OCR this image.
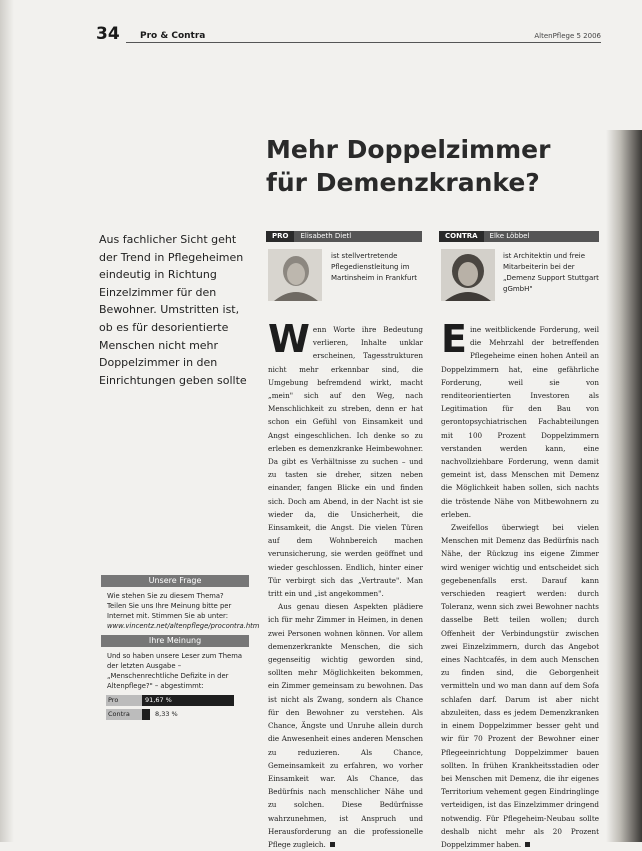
34 Pro & Contra	AltenPflege 5 2006
Mehr Doppelzimmer
für Demenzkranke?
Aus fachlicher Sicht geht der Trend in Pflegeheimen eindeutig in Richtung Einzelzimmer für den Bewohner. Umstritten ist, ob es für desorientierte Menschen nicht mehr Doppelzimmer in den Einrichtungen geben sollte
PRO Elisabeth Dietl
ist stellvertretende Pflegedienstleitung im Martinsheim in Frankfurt
CONTRA Elke Löbbel
ist Architektin und freie Mitarbeiterin bei der „Demenz Support Stuttgart gGmbH"

Wenn Worte ihre Bedeutung verlieren, Inhalte unklar erscheinen, Tagesstrukturen nicht mehr erkennbar sind, die Umgebung befremdend wirkt, macht „mein" sich auf den Weg, nach Menschlichkeit zu streben, denn er hat schon ein Gefühl von Einsamkeit und Angst eingeschlichen. Ich denke so zu erleben es demenzkranke Heimbewohner. Da gibt es Verhältnisse zu suchen – und zu tasten sie dreher, sitzen neben einander, fangen Blicke ein und finden sich. Doch am Abend, in der Nacht ist sie wieder da, die Unsicherheit, die Einsamkeit, die Angst. Die vielen Türen auf dem Wohnbereich machen verunsicherung, sie werden geöffnet und wieder geschlossen. Endlich, hinter einer Tür verbirgt sich das „Vertraute". Man tritt ein und „ist angekommen".

Aus genau diesen Aspekten plädiere ich für mehr Zimmer in Heimen, in denen zwei Personen wohnen können. Vor allem demenzerkrankte Menschen, die sich gegenseitig wichtig geworden sind, sollten mehr Möglichkeiten bekommen, ein Zimmer gemeinsam zu bewohnen. Das ist nicht als Zwang, sondern als Chance für den Bewohner zu verstehen. Als Chance, Ängste und Unruhe allein durch die Anwesenheit eines anderen Menschen zu reduzieren. Als Chance, Gemeinsamkeit zu erfahren, wo vorher Einsamkeit war. Als Chance, das Bedürfnis nach menschlicher Nähe und zu solchen. Diese Bedürfnisse wahrzunehmen, ist Anspruch und Herausforderung an die professionelle Pflege zugleich.

Eine weitblickende Forderung, weil die Mehrzahl der betreffenden Pflegeheime einen hohen Anteil an Doppelzimmern hat, eine gefährliche Forderung, weil sie von renditeorientierten Investoren als Legitimation für den Bau von gerontopsychiatrischen Fachabteilungen mit 100 Prozent Doppelzimmern verstanden werden kann, eine nachvollziehbare Forderung, wenn damit gemeint ist, dass Menschen mit Demenz die Möglichkeit haben sollen, sich nachts die tröstende Nähe von Mitbewohnern zu erleben.

Zweifellos überwiegt bei vielen Menschen mit Demenz das Bedürfnis nach Nähe, der Rückzug ins eigene Zimmer wird weniger wichtig und entscheidet sich gegebenenfalls erst. Darauf kann verschieden reagiert werden: durch Toleranz, wenn sich zwei Bewohner nachts dasselbe Bett teilen wollen; durch Offenheit der Verbindungstür zwischen zwei Einzelzimmern, durch das Angebot eines Nachtcafés, in dem auch Menschen zu finden sind, die Geborgenheit vermitteln und wo man dann auf dem Sofa schlafen darf. Darum ist aber nicht abzuleiten, dass es jedem Demenzkranken in einem Doppelzimmer besser geht und wir für 70 Prozent der Bewohner einer Pflegeeinrichtung Doppelzimmer bauen sollten. In frühen Krankheitsstadien oder bei Menschen mit Demenz, die ihr eigenes Territorium vehement gegen Eindringlinge verteidigen, ist das Einzelzimmer dringend notwendig. Für Pflegeheim-Neubau sollte deshalb nicht mehr als 20 Prozent Doppelzimmer haben.

Unsere Frage
Wie stehen Sie zu diesem Thema? Teilen Sie uns Ihre Meinung bitte per Internet mit. Stimmen Sie ab unter: www.vincentz.net/altenpflege/procontra.htm
Ihre Meinung
Und so haben unsere Leser zum Thema der letzten Ausgabe – „Menschenrechtliche Defizite in der Altenpflege?" – abgestimmt:
Pro	91,67 %
Contra	8,33 %
